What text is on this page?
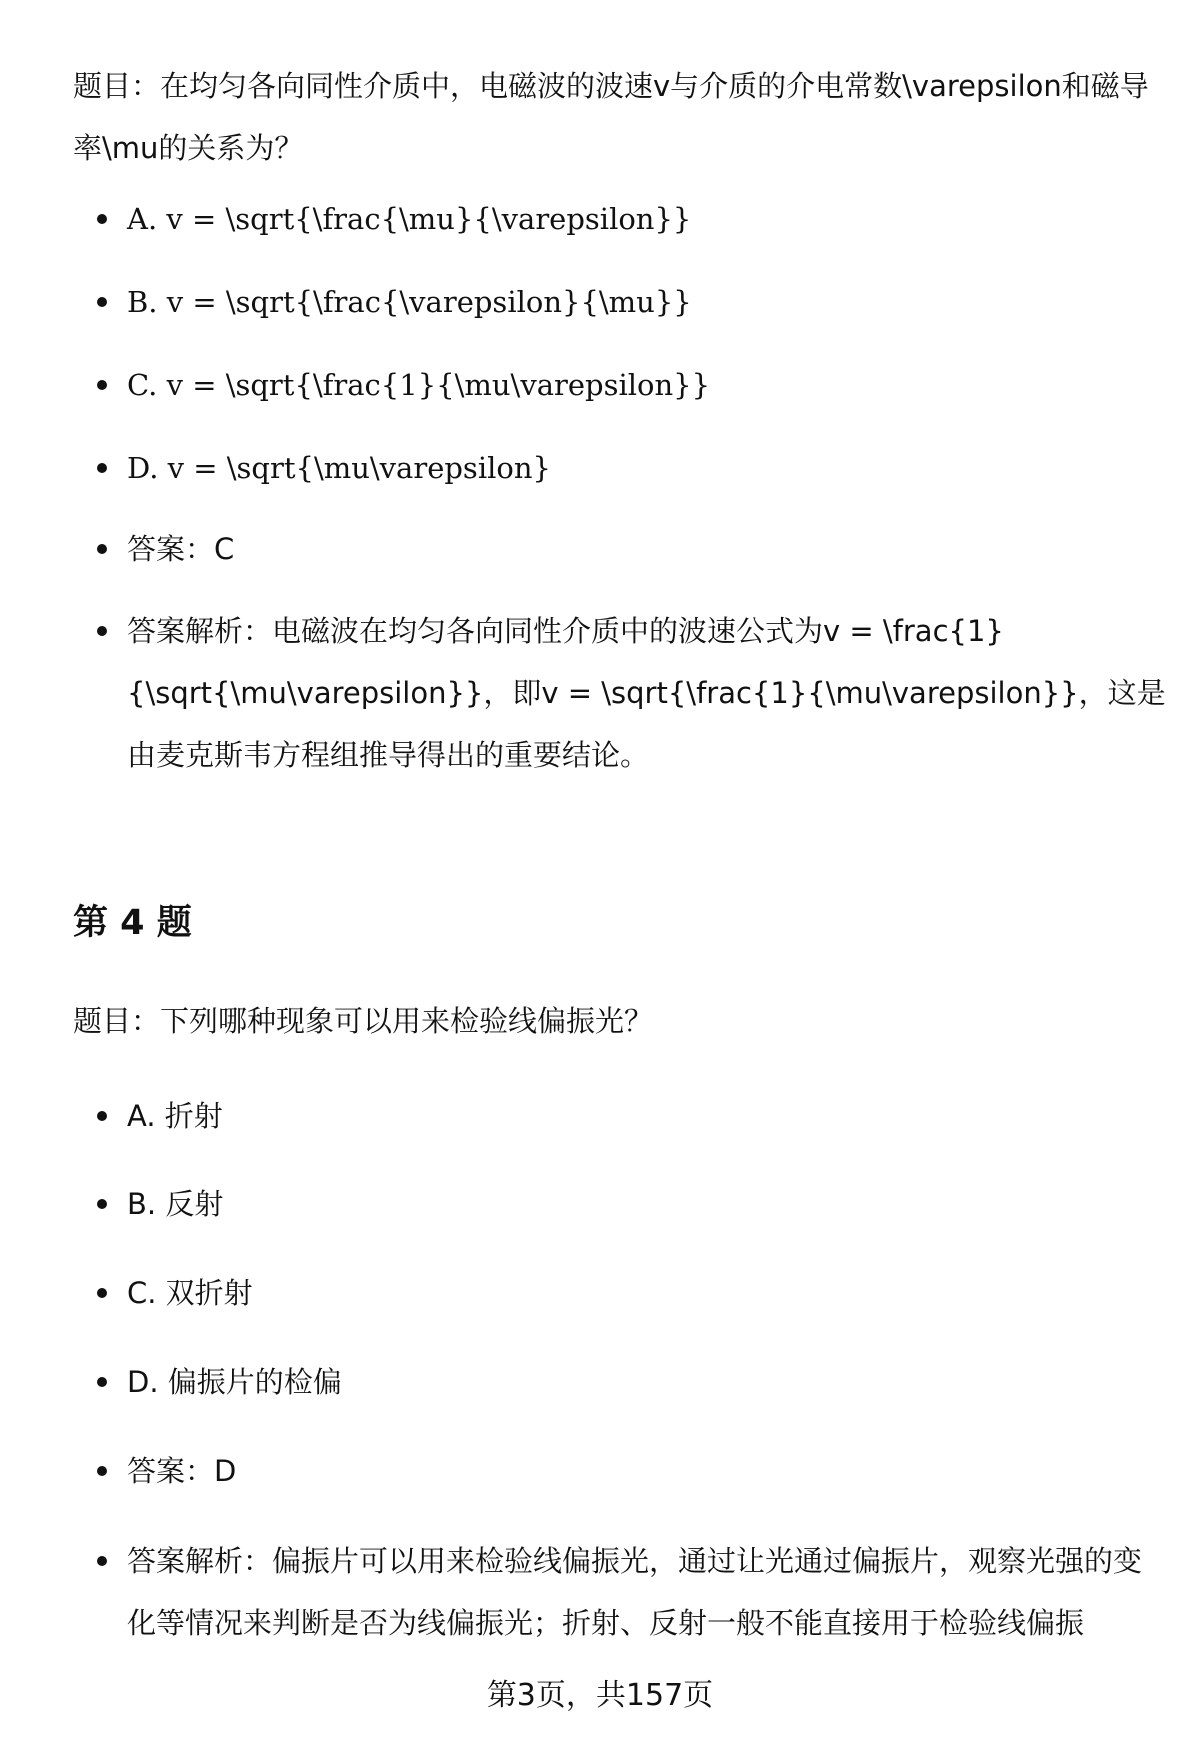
题目：在均匀各向同性介质中，电磁波的波速v与介质的介电常数\varepsilon和磁导率\mu的关系为？

A. v = \sqrt{\frac{\mu}{\varepsilon}}
B. v = \sqrt{\frac{\varepsilon}{\mu}}
C. v = \sqrt{\frac{1}{\mu\varepsilon}}
D. v = \sqrt{\mu\varepsilon}
答案：C
答案解析：电磁波在均匀各向同性介质中的波速公式为v = \frac{1}{\sqrt{\mu\varepsilon}}，即v = \sqrt{\frac{1}{\mu\varepsilon}}，这是由麦克斯韦方程组推导得出的重要结论。
第 4 题

题目：下列哪种现象可以用来检验线偏振光？

A. 折射
B. 反射
C. 双折射
D. 偏振片的检偏
答案：D
答案解析：偏振片可以用来检验线偏振光，通过让光通过偏振片，观察光强的变化等情况来判断是否为线偏振光；折射、反射一般不能直接用于检验线偏振
第3页，共157页
